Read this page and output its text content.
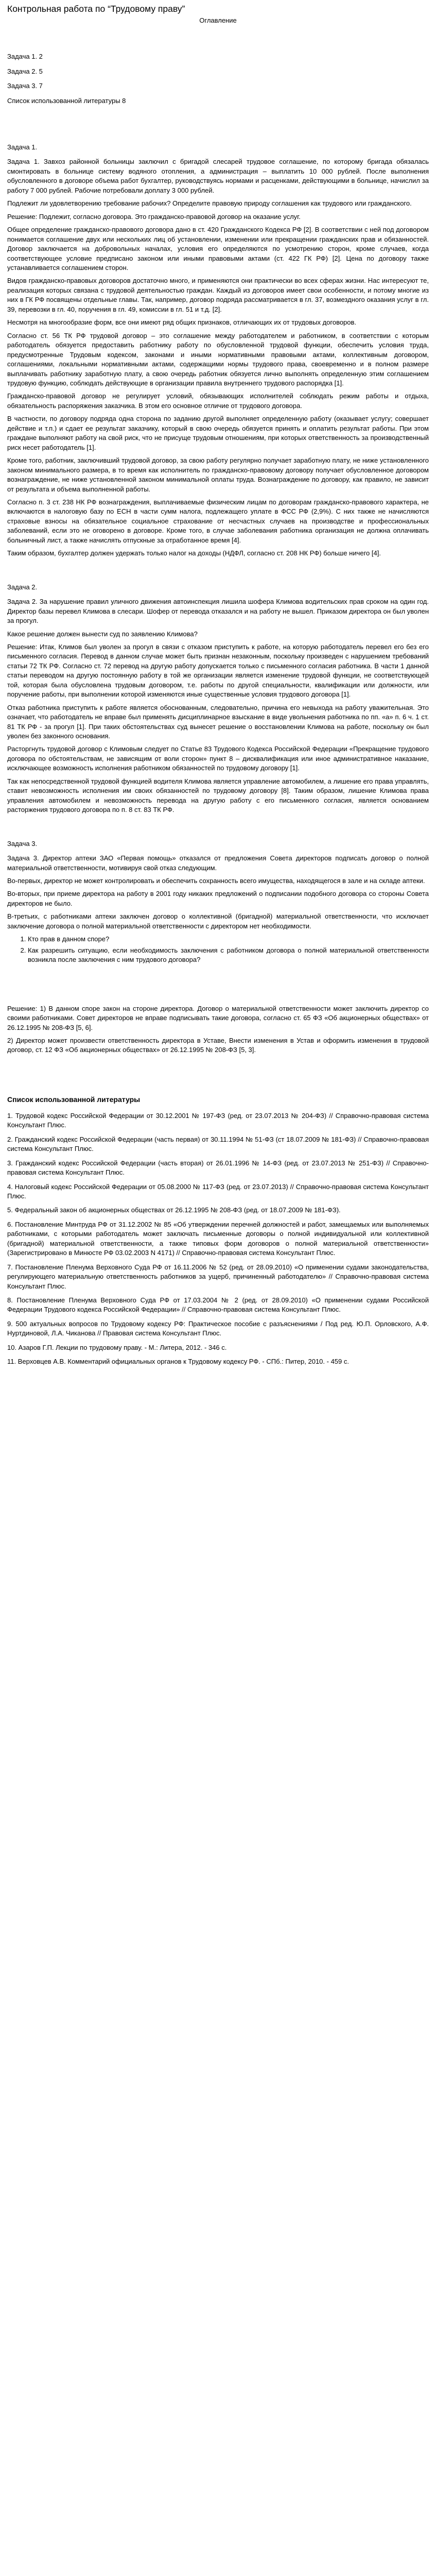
Контрольная работа по “Трудовому праву”
Оглавление
Задача 1. 2
Задача 2. 5
Задача 3. 7
Список использованной литературы 8
Задача 1.

Задача 1. Завхоз районной больницы заключил с бригадой слесарей трудовое соглашение, по которому бригада обязалась смонтировать в больнице систему водяного отопления, а администрация – выплатить 10 000 рублей. После выполнения обусловленного в договоре объема работ бухгалтер, руководствуясь нормами и расценками, действующими в больнице, начислил за работу 7 000 рублей. Рабочие потребовали доплату 3 000 рублей.

Подлежит ли удовлетворению требование рабочих? Определите правовую природу соглашения как трудового или гражданского.

Решение: Подлежит, согласно договора. Это гражданско-правовой договор на оказание услуг.

Общее определение гражданско-правового договора дано в ст. 420 Гражданского Кодекса РФ [2]. В соответствии с ней под договором понимается соглашение двух или нескольких лиц об установлении, изменении или прекращении гражданских прав и обязанностей. Договор заключается на добровольных началах, условия его определяются по усмотрению сторон, кроме случаев, когда соответствующее условие предписано законом или иными правовыми актами (ст. 422 ГК РФ) [2]. Цена по договору также устанавливается соглашением сторон.

Видов гражданско-правовых договоров достаточно много, и применяются они практически во всех сферах жизни. Нас интересуют те, реализация которых связана с трудовой деятельностью граждан. Каждый из договоров имеет свои особенности, и потому многие из них в ГК РФ посвящены отдельные главы. Так, например, договор подряда рассматривается в гл. 37, возмездного оказания услуг в гл. 39, перевозки в гл. 40, поручения в гл. 49, комиссии в гл. 51 и т.д. [2].

Несмотря на многообразие форм, все они имеют ряд общих признаков, отличающих их от трудовых договоров.

Согласно ст. 56 ТК РФ трудовой договор – это соглашение между работодателем и работником, в соответствии с которым работодатель обязуется предоставить работнику работу по обусловленной трудовой функции, обеспечить условия труда, предусмотренные Трудовым кодексом, законами и иными нормативными правовыми актами, коллективным договором, соглашениями, локальными нормативными актами, содержащими нормы трудового права, своевременно и в полном размере выплачивать работнику заработную плату, а свою очередь работник обязуется лично выполнять определенную этим соглашением трудовую функцию, соблюдать действующие в организации правила внутреннего трудового распорядка [1].

Гражданско-правовой договор не регулирует условий, обязывающих исполнителей соблюдать режим работы и отдыха, обязательность распоряжения заказчика. В этом его основное отличие от трудового договора.

В частности, по договору подряда одна сторона по заданию другой выполняет определенную работу (оказывает услугу; совершает действие и т.п.) и сдает ее результат заказчику, который в свою очередь обязуется принять и оплатить результат работы. При этом граждане выполняют работу на свой риск, что не присуще трудовым отношениям, при которых ответственность за производственный риск несет работодатель [1].

Кроме того, работник, заключивший трудовой договор, за свою работу регулярно получает заработную плату, не ниже установленного законом минимального размера, в то время как исполнитель по гражданско-правовому договору получает обусловленное договором вознаграждение, не ниже установленной законом минимальной оплаты труда. Вознаграждение по договору, как правило, не зависит от результата и объема выполненной работы.

Согласно п. 3 ст. 238 НК РФ вознаграждения, выплачиваемые физическим лицам по договорам гражданско-правового характера, не включаются в налоговую базу по ЕСН в части сумм налога, подлежащего уплате в ФСС РФ (2,9%). С них также не начисляются страховые взносы на обязательное социальное страхование от несчастных случаев на производстве и профессиональных заболеваний, если это не оговорено в договоре. Кроме того, в случае заболевания работника организация не должна оплачивать больничный лист, а также начислять отпускные за отработанное время [4].

Таким образом, бухгалтер должен удержать только налог на доходы (НДФЛ, согласно ст. 208 НК РФ) больше ничего [4].

Задача 2.

Задача 2. За нарушение правил уличного движения автоинспекция лишила шофера Климова водительских прав сроком на один год. Директор базы перевел Климова в слесари. Шофер от перевода отказался и на работу не вышел. Приказом директора он был уволен за прогул.

Какое решение должен вынести суд по заявлению Климова?

Решение: Итак, Климов был уволен за прогул в связи с отказом приступить к работе, на которую работодатель перевел его без его письменного согласия. Перевод в данном случае может быть признан незаконным, поскольку произведен с нарушением требований статьи 72 ТК РФ. Согласно ст. 72 перевод на другую работу допускается только с письменного согласия работника. В части 1 данной статьи переводом на другую постоянную работу в той же организации является изменение трудовой функции, не соответствующей той, которая была обусловлена трудовым договором, т.е. работы по другой специальности, квалификации или должности, или поручение работы, при выполнении которой изменяются иные существенные условия трудового договора [1].

Отказ работника приступить к работе является обоснованным, следовательно, причина его невыхода на работу уважительная. Это означает, что работодатель не вправе был применять дисциплинарное взыскание в виде увольнения работника по пп. «а» п. 6 ч. 1 ст. 81 ТК РФ - за прогул [1]. При таких обстоятельствах суд вынесет решение о восстановлении Климова на работе, поскольку он был уволен без законного основания.

Расторгнуть трудовой договор с Климовым следует по Статье 83 Трудового Кодекса Российской Федерации «Прекращение трудового договора по обстоятельствам, не зависящим от воли сторон» пункт 8 – дисквалификация или иное административное наказание, исключающее возможность исполнения работником обязанностей по трудовому договору [1].

Так как непосредственной трудовой функцией водителя Климова является управление автомобилем, а лишение его права управлять, ставит невозможность исполнения им своих обязанностей по трудовому договору [8]. Таким образом, лишение Климова права управления автомобилем и невозможность перевода на другую работу с его письменного согласия, является основанием расторжения трудового договора по п. 8 ст. 83 ТК РФ.

Задача 3.

Задача 3. Директор аптеки ЗАО «Первая помощь» отказался от предложения Совета директоров подписать договор о полной материальной ответственности, мотивируя свой отказ следующим.

Во-первых, директор не может контролировать и обеспечить сохранность всего имущества, находящегося в зале и на складе аптеки.

Во-вторых, при приеме директора на работу в 2001 году никаких предложений о подписании подобного договора со стороны Совета директоров не было.

В-третьих, с работниками аптеки заключен договор о коллективной (бригадной) материальной ответственности, что исключает заключение договора о полной материальной ответственности с директором нет необходимости.

1. Кто прав в данном споре?
2. Как разрешить ситуацию, если необходимость заключения с работником договора о полной материальной ответственности возникла после заключения с ним трудового договора?

Решение: 1) В данном споре закон на стороне директора. Договор о материальной ответственности может заключить директор со своими работниками. Совет директоров не вправе подписывать такие договора, согласно ст. 65 ФЗ «Об акционерных обществах» от 26.12.1995 № 208-ФЗ [5, 6].

2) Директор может произвести ответственность директора в Уставе, Внести изменения в Устав и оформить изменения в трудовой договор, ст. 12 ФЗ «Об акционерных обществах» от 26.12.1995 № 208-ФЗ [5, 3].

Список использованной литературы
1. Трудовой кодекс Российской Федерации от 30.12.2001 № 197-ФЗ (ред. от 23.07.2013 № 204-ФЗ) // Справочно-правовая система Консультант Плюс.
2. Гражданский кодекс Российской Федерации (часть первая) от 30.11.1994 № 51-ФЗ (ст 18.07.2009 № 181-ФЗ) // Справочно-правовая система Консультант Плюс.
3. Гражданский кодекс Российской Федерации (часть вторая) от 26.01.1996 № 14-ФЗ (ред. от 23.07.2013 № 251-ФЗ) // Справочно-правовая система Консультант Плюс.
4. Налоговый кодекс Российской Федерации от 05.08.2000 № 117-ФЗ (ред. от 23.07.2013) // Справочно-правовая система Консультант Плюс.
5. Федеральный закон об акционерных обществах от 26.12.1995 № 208-ФЗ (ред. от 18.07.2009 № 181-ФЗ).
6. Постановление Минтруда РФ от 31.12.2002 № 85 «Об утверждении перечней должностей и работ, замещаемых или выполняемых работниками, с которыми работодатель может заключать письменные договоры о полной индивидуальной или коллективной (бригадной) материальной ответственности, а также типовых форм договоров о полной материальной ответственности» (Зарегистрировано в Минюсте РФ 03.02.2003 N 4171) // Справочно-правовая система Консультант Плюс.
7. Постановление Пленума Верховного Суда РФ от 16.11.2006 № 52 (ред. от 28.09.2010) «О применении судами законодательства, регулирующего материальную ответственность работников за ущерб, причиненный работодателю» // Справочно-правовая система Консультант Плюс.
8. Постановление Пленума Верховного Суда РФ от 17.03.2004 № 2 (ред. от 28.09.2010) «О применении судами Российской Федерации Трудового кодекса Российской Федерации» // Справочно-правовая система Консультант Плюс.
9. 500 актуальных вопросов по Трудовому кодексу РФ: Практическое пособие с разъяснениями / Под ред. Ю.П. Орловского, А.Ф. Нуртдиновой, Л.А. Чиканова // Правовая система Консультант Плюс.
10. Азаров Г.П. Лекции по трудовому праву. - М.: Литера, 2012. - 346 с.
11. Верховцев А.В. Комментарий официальных органов к Трудовому кодексу РФ. - СПб.: Питер, 2010. - 459 с.
